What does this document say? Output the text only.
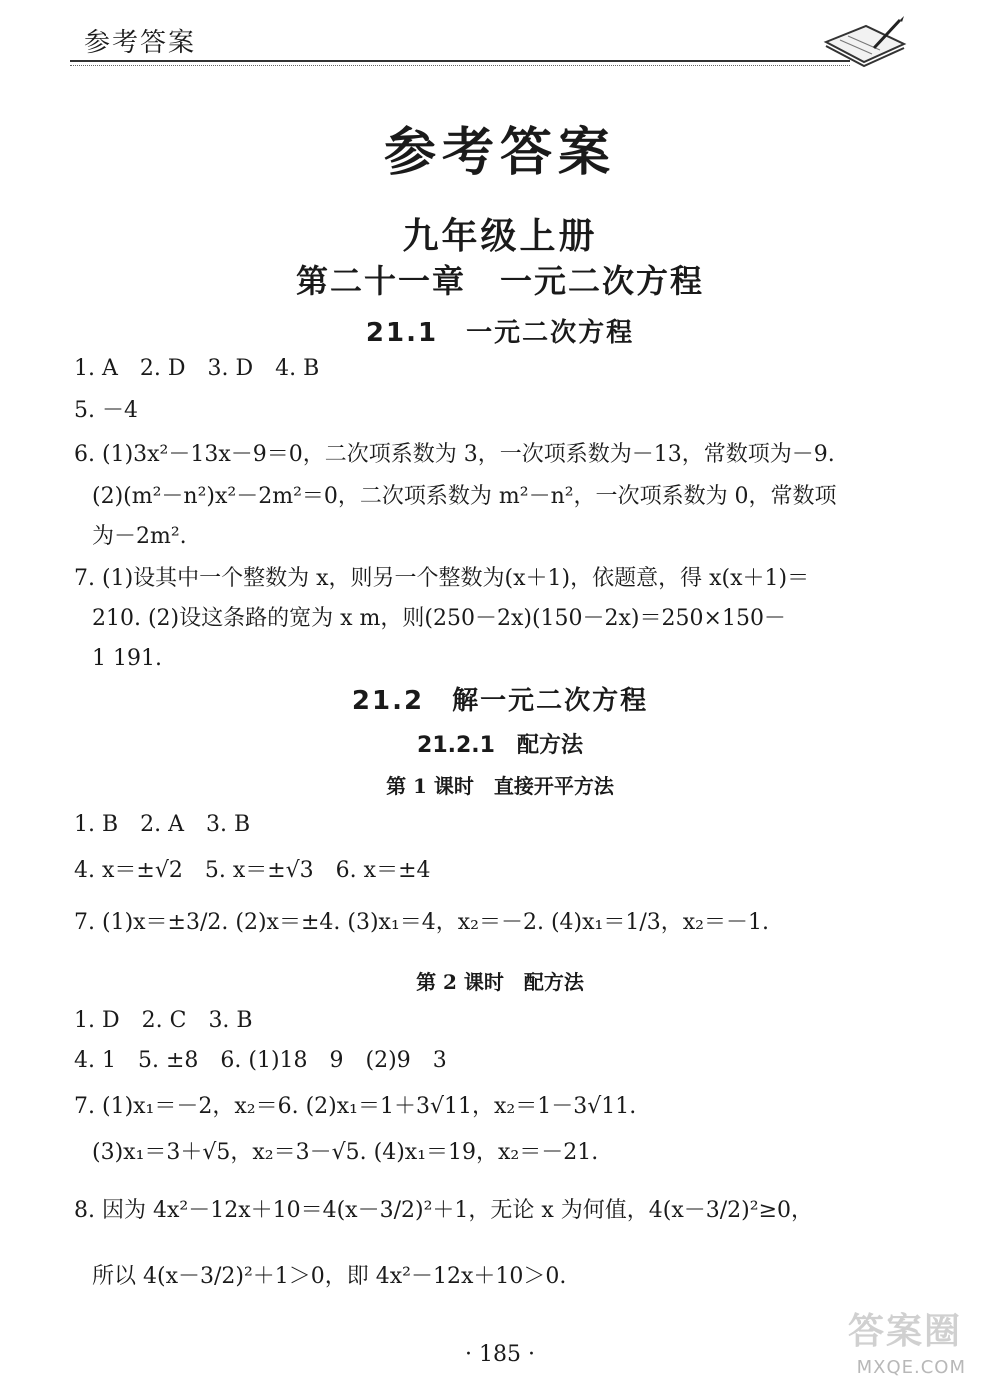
参考答案
参考答案
九年级上册
第二十一章　一元二次方程
21.1　一元二次方程
1. A　2. D　3. D　4. B
5. －4
6. (1)3x²－13x－9＝0，二次项系数为 3，一次项系数为－13，常数项为－9.
(2)(m²－n²)x²－2m²＝0，二次项系数为 m²－n²，一次项系数为 0，常数项
为－2m².
7. (1)设其中一个整数为 x，则另一个整数为(x＋1)，依题意，得 x(x＋1)＝
210. (2)设这条路的宽为 x m，则(250－2x)(150－2x)＝250×150－
1 191.
21.2　解一元二次方程
21.2.1　配方法
第 1 课时　直接开平方法
1. B　2. A　3. B
4. x＝±√2　5. x＝±√3　6. x＝±4
7. (1)x＝±3/2. (2)x＝±4. (3)x₁＝4，x₂＝－2. (4)x₁＝1/3，x₂＝－1.
第 2 课时　配方法
1. D　2. C　3. B
4. 1　5. ±8　6. (1)18　9　(2)9　3
7. (1)x₁＝－2，x₂＝6. (2)x₁＝1＋3√11，x₂＝1－3√11.
(3)x₁＝3＋√5，x₂＝3－√5. (4)x₁＝19，x₂＝－21.
8. 因为 4x²－12x＋10＝4(x－3/2)²＋1，无论 x 为何值，4(x－3/2)²≥0，
所以 4(x－3/2)²＋1＞0，即 4x²－12x＋10＞0.
· 185 ·
答案圈
MXQE.COM
